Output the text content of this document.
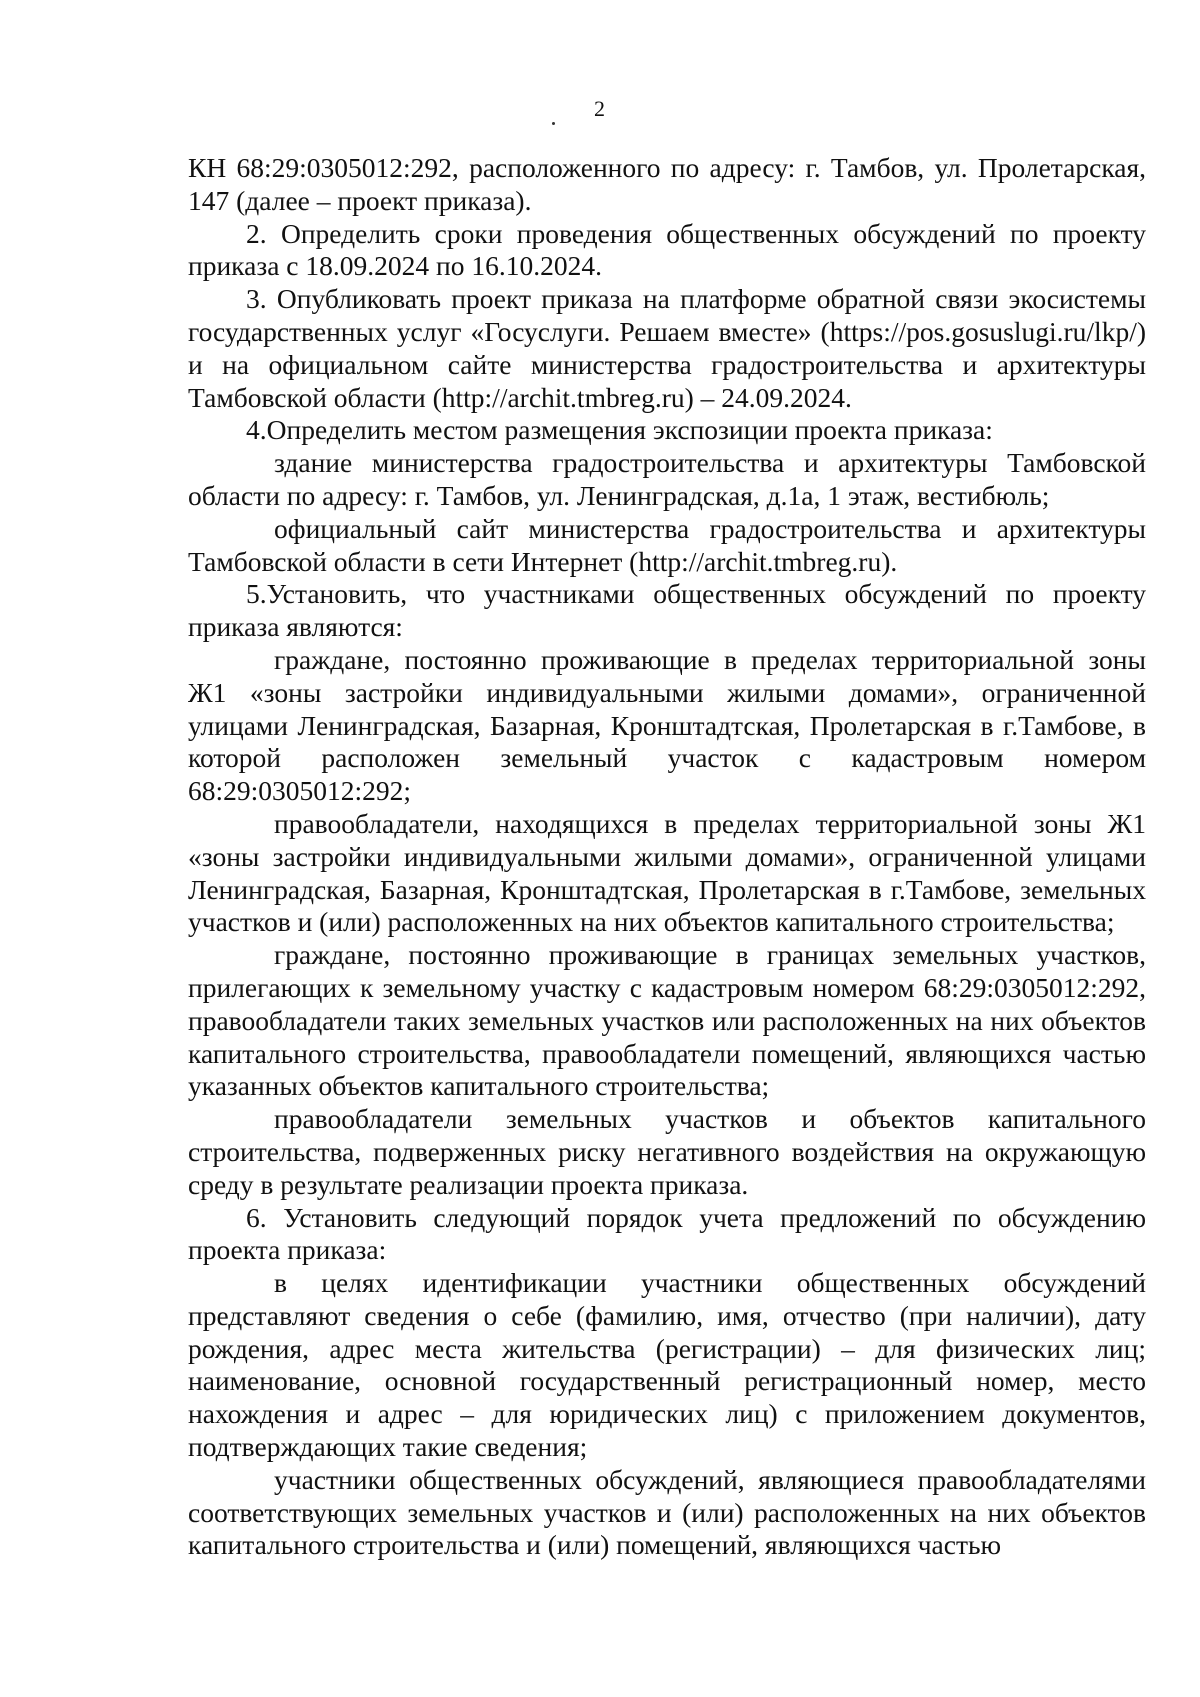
2

КН 68:29:0305012:292, расположенного по адресу: г. Тамбов, ул. Пролетарская, 147 (далее – проект приказа).

2. Определить сроки проведения общественных обсуждений по проекту приказа с 18.09.2024 по 16.10.2024.

3. Опубликовать проект приказа на платформе обратной связи экосистемы государственных услуг «Госуслуги. Решаем вместе» (https://pos.gosuslugi.ru/lkp/) и на официальном сайте министерства градостроительства и архитектуры Тамбовской области (http://archit.tmbreg.ru) – 24.09.2024.

4.Определить местом размещения экспозиции проекта приказа:

здание министерства градостроительства и архитектуры Тамбовской области по адресу: г. Тамбов, ул. Ленинградская, д.1а, 1 этаж, вестибюль;

официальный сайт министерства градостроительства и архитектуры Тамбовской области в сети Интернет (http://archit.tmbreg.ru).

5.Установить, что участниками общественных обсуждений по проекту приказа являются:

граждане, постоянно проживающие в пределах территориальной зоны Ж1 «зоны застройки индивидуальными жилыми домами», ограниченной улицами Ленинградская, Базарная, Кронштадтская, Пролетарская в г.Тамбове, в которой расположен земельный участок с кадастровым номером 68:29:0305012:292;

правообладатели, находящихся в пределах территориальной зоны Ж1 «зоны застройки индивидуальными жилыми домами», ограниченной улицами Ленинградская, Базарная, Кронштадтская, Пролетарская в г.Тамбове, земельных участков и (или) расположенных на них объектов капитального строительства;

граждане, постоянно проживающие в границах земельных участков, прилегающих к земельному участку с кадастровым номером 68:29:0305012:292, правообладатели таких земельных участков или расположенных на них объектов капитального строительства, правообладатели помещений, являющихся частью указанных объектов капитального строительства;

правообладатели земельных участков и объектов капитального строительства, подверженных риску негативного воздействия на окружающую среду в результате реализации проекта приказа.

6. Установить следующий порядок учета предложений по обсуждению проекта приказа:

в целях идентификации участники общественных обсуждений представляют сведения о себе (фамилию, имя, отчество (при наличии), дату рождения, адрес места жительства (регистрации) – для физических лиц; наименование, основной государственный регистрационный номер, место нахождения и адрес – для юридических лиц) с приложением документов, подтверждающих такие сведения;

участники общественных обсуждений, являющиеся правообладателями соответствующих земельных участков и (или) расположенных на них объектов капитального строительства и (или) помещений, являющихся частью
